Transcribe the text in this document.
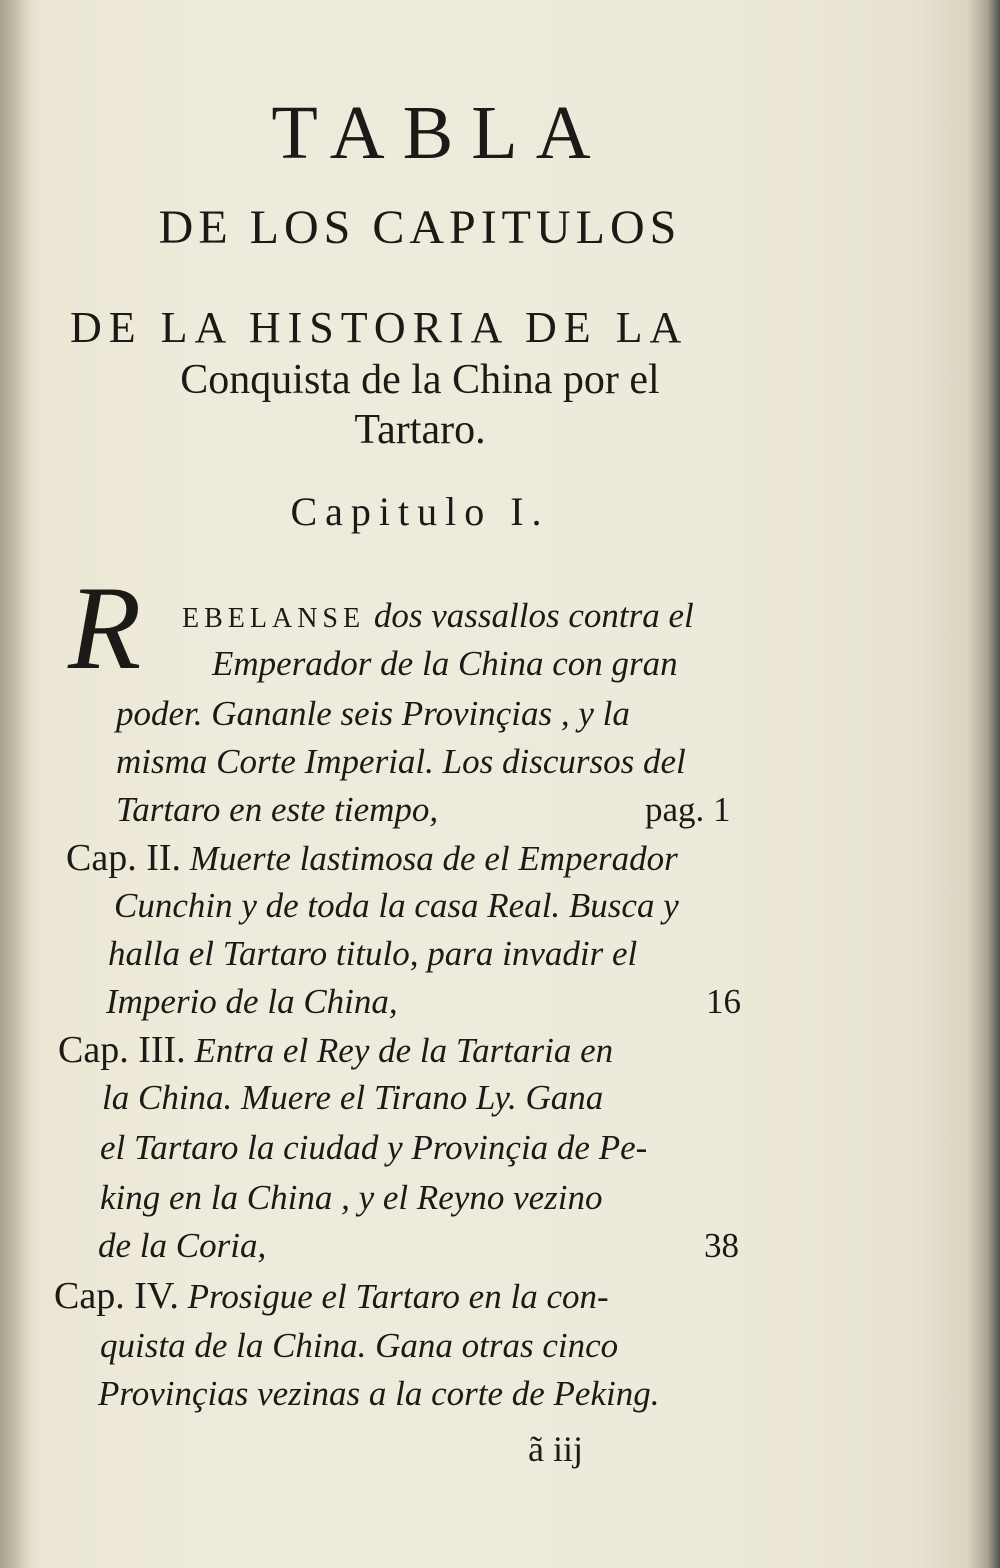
TABLA
DE LOS CAPITULOS
DE LA HISTORIA DE LA
Conquista de la China por el
Tartaro.
Capitulo I.
R EBELANSE dos vassallos contra el
Emperador de la China con gran
poder. Gananle seis Provinçias , y la
misma Corte Imperial. Los discursos del
Tartaro en este tiempo,	pag. 1
Cap. II. Muerte lastimosa de el Emperador
Cunchin y de toda la casa Real. Busca y
halla el Tartaro titulo, para invadir el
Imperio de la China,	16
Cap. III. Entra el Rey de la Tartaria en
la China. Muere el Tirano Ly. Gana
el Tartaro la ciudad y Provinçia de Pe-
king en la China , y el Reyno vezino
de la Coria,	38
Cap. IV. Prosigue el Tartaro en la con-
quista de la China. Gana otras cinco
Provinçias vezinas a la corte de Peking.
ã iij
